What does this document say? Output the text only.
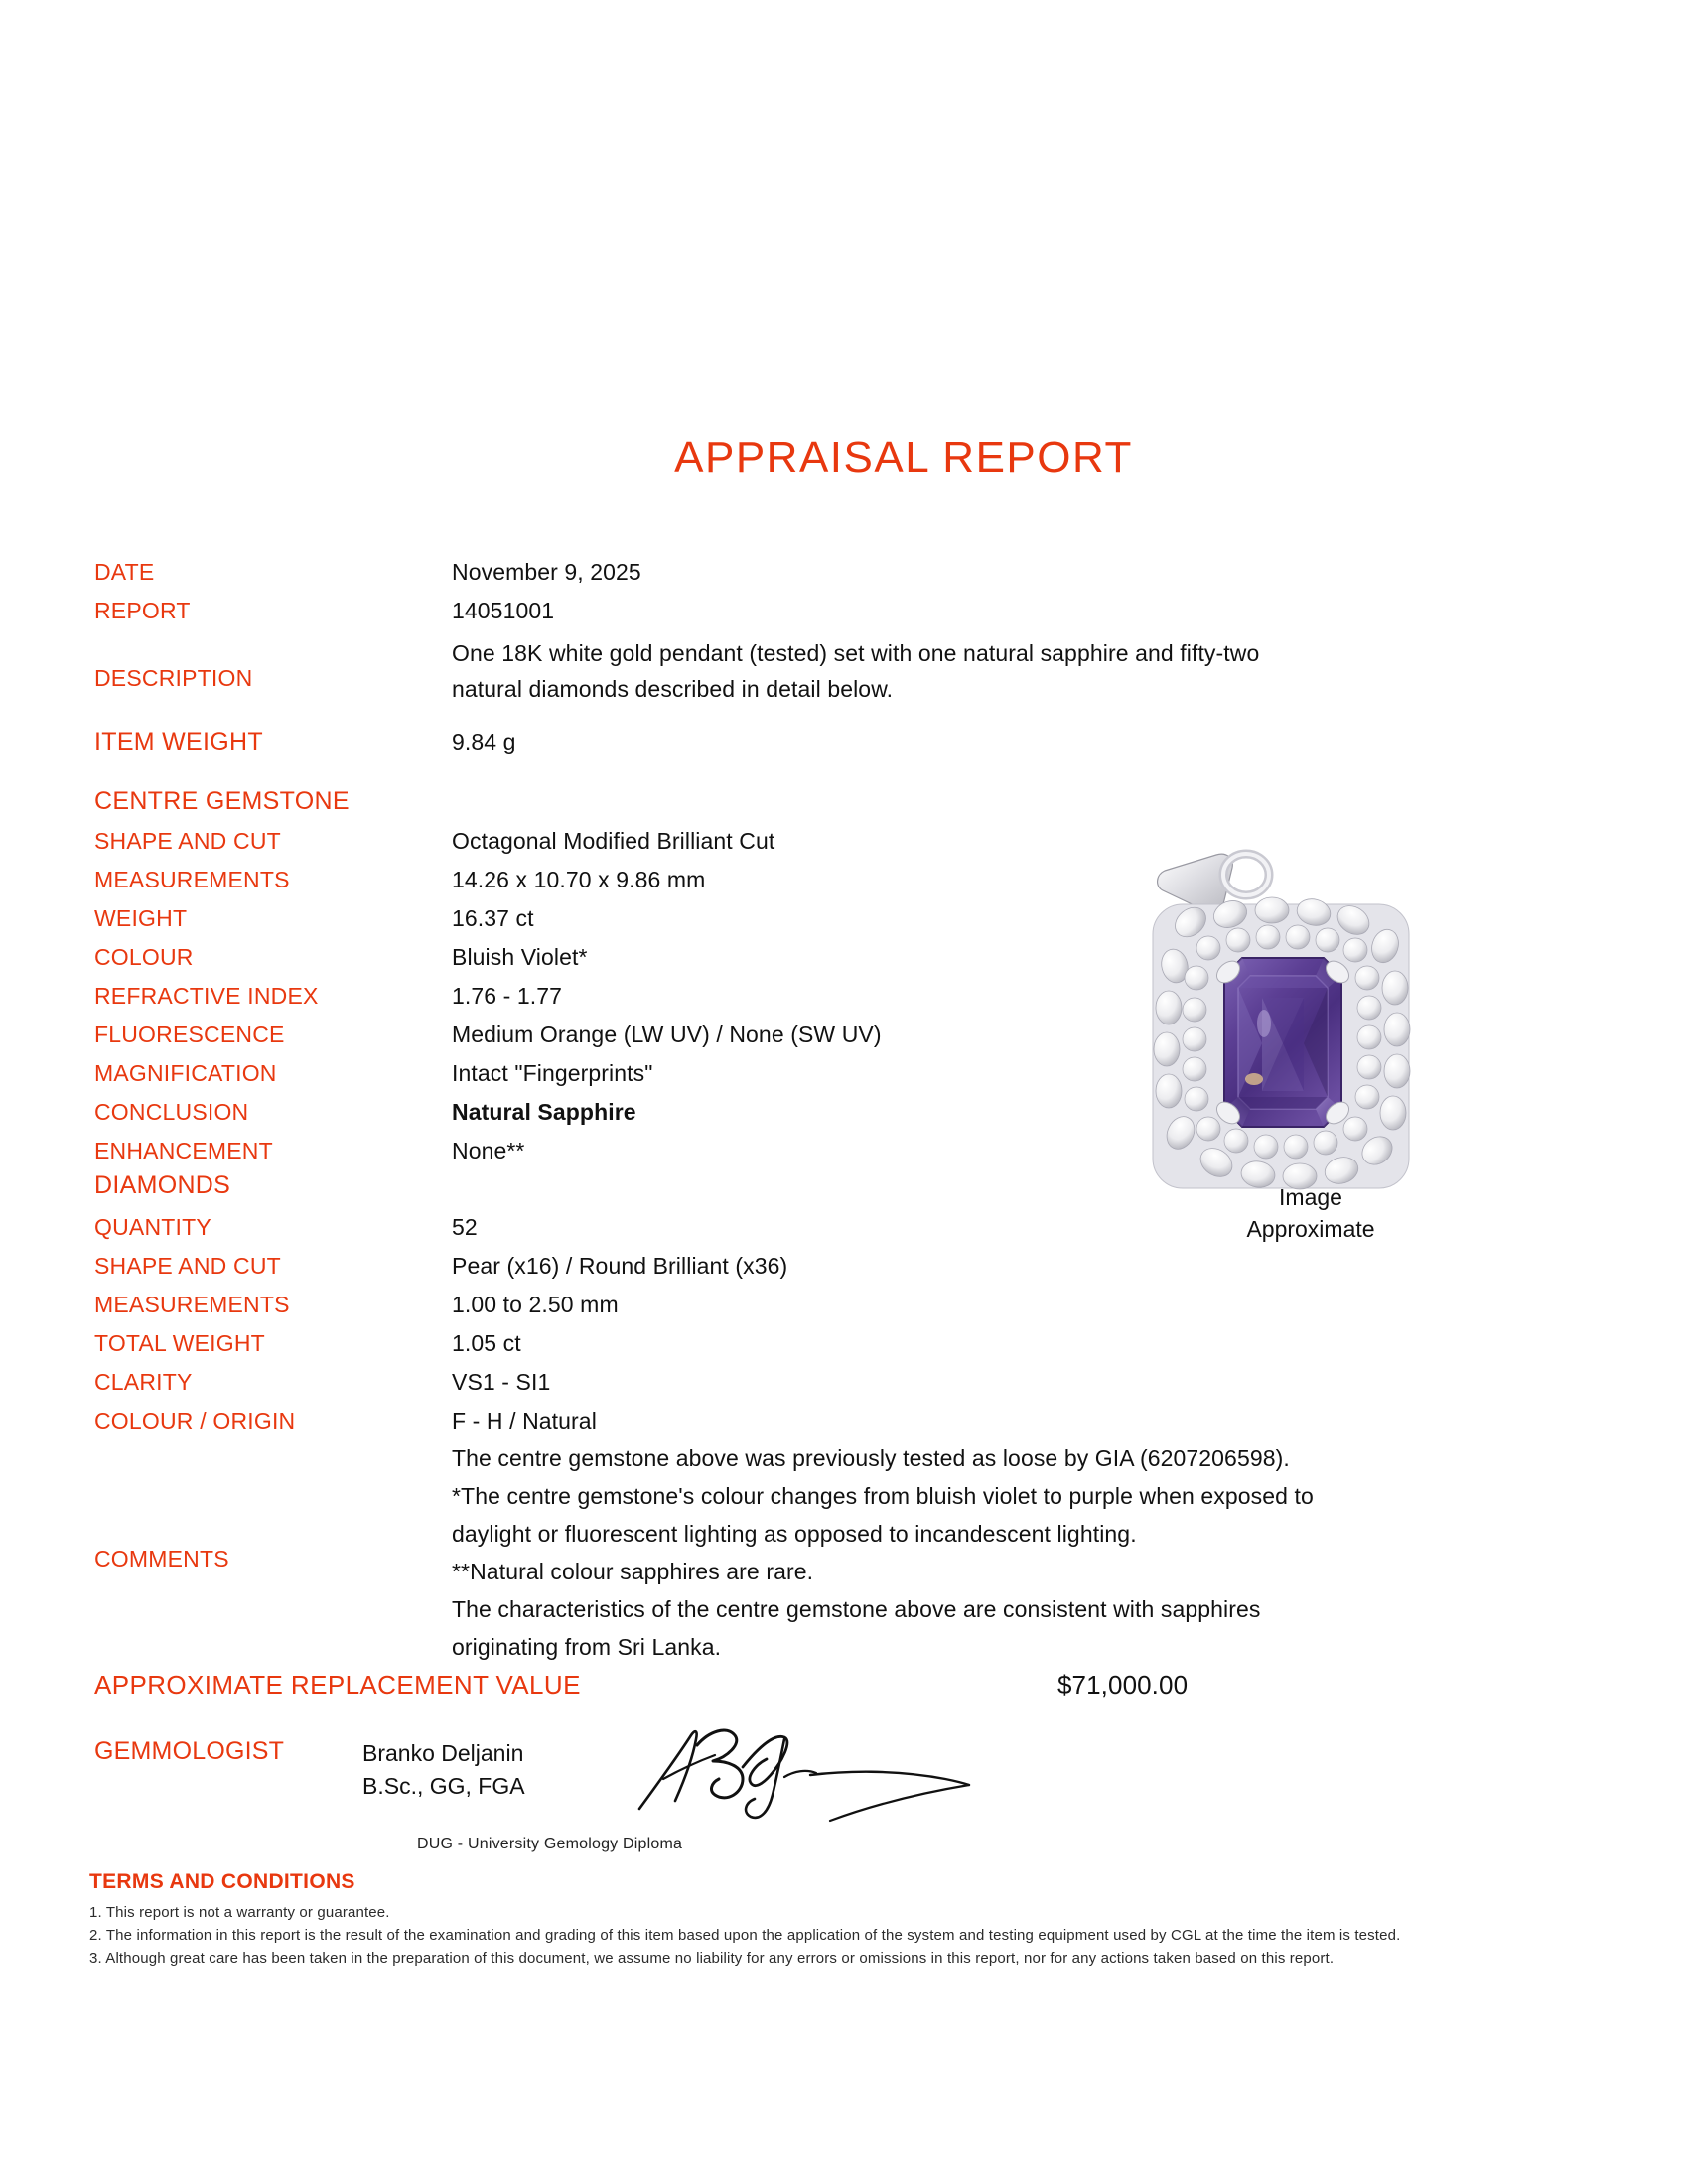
APPRAISAL REPORT
DATE	November 9, 2025
REPORT	14051001
DESCRIPTION
One 18K white gold pendant (tested) set with one natural sapphire and fifty-two
natural diamonds described in detail below.
ITEM WEIGHT	9.84 g
CENTRE GEMSTONE
SHAPE AND CUT	Octagonal Modified Brilliant Cut
MEASUREMENTS	14.26 x 10.70 x 9.86 mm
WEIGHT	16.37 ct
COLOUR	Bluish Violet*
REFRACTIVE INDEX	1.76 - 1.77
FLUORESCENCE	Medium Orange (LW UV) / None (SW UV)
MAGNIFICATION	Intact "Fingerprints"
CONCLUSION	Natural Sapphire
ENHANCEMENT	None**
DIAMONDS
QUANTITY	52
SHAPE AND CUT	Pear (x16) / Round Brilliant (x36)
MEASUREMENTS	1.00 to 2.50 mm
TOTAL WEIGHT	1.05 ct
CLARITY	VS1 - SI1
COLOUR / ORIGIN	F - H / Natural
COMMENTS
The centre gemstone above was previously tested as loose by GIA (6207206598).
*The centre gemstone's colour changes from bluish violet to purple when exposed to
daylight or fluorescent lighting as opposed to incandescent lighting.
**Natural colour sapphires are rare.
The characteristics of the centre gemstone above are consistent with sapphires
originating from Sri Lanka.
APPROXIMATE REPLACEMENT VALUE	$71,000.00
GEMMOLOGIST	Branko Deljanin
B.Sc., GG, FGA
DUG - University Gemology Diploma
TERMS AND CONDITIONS

1. This report is not a warranty or guarantee.

2. The information in this report is the result of the examination and grading of this item based upon the application of the system and testing equipment used by CGL at the time the item is tested.

3. Although great care has been taken in the preparation of this document, we assume no liability for any errors or omissions in this report, nor for any actions taken based on this report.

Image
Approximate
